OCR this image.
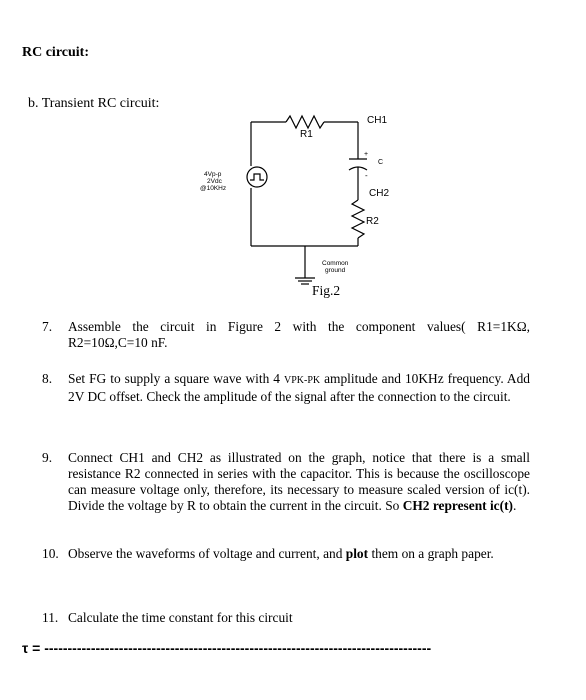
RC circuit:
b. Transient RC circuit:
R1
CH1
+
C
-
CH2
R2
4Vp-p
2Vdc
@10KHz
Common
ground
Fig.2
7. Assemble the circuit in Figure 2 with the component values( R1=1KΩ, R2=10Ω,C=10 nF.
8. Set FG to supply a square wave with 4 VPK-PK amplitude and 10KHz frequency. Add 2V DC offset. Check the amplitude of the signal after the connection to the circuit.
9. Connect CH1 and CH2 as illustrated on the graph, notice that there is a small resistance R2 connected in series with the capacitor. This is because the oscilloscope can measure voltage only, therefore, its necessary to measure scaled version of ic(t). Divide the voltage by R to obtain the current in the circuit. So CH2 represent ic(t).
10. Observe the waveforms of voltage and current, and plot them on a graph paper.
11. Calculate the time constant for this circuit
τ = -----------------------------------------------------------------------------------
